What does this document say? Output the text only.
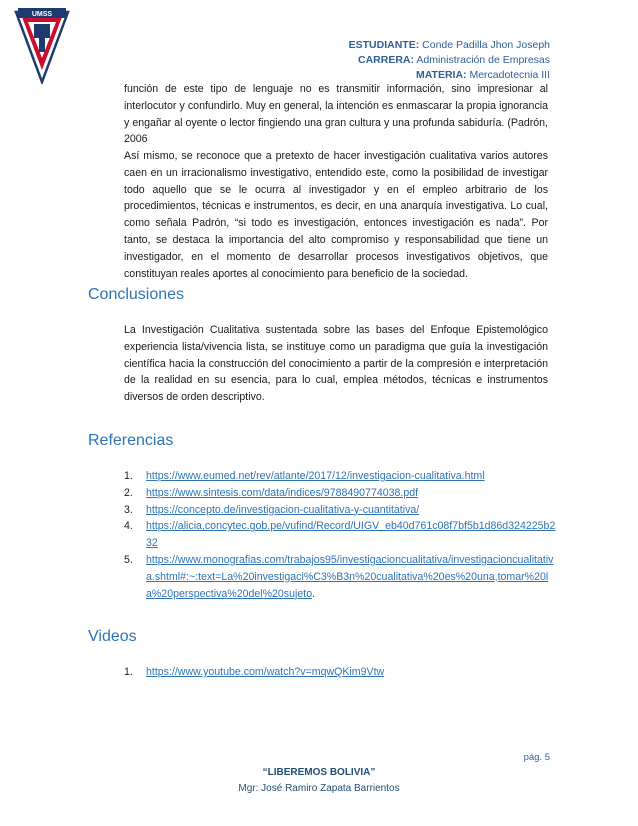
UMSS
ESTUDIANTE: Conde Padilla Jhon Joseph
CARRERA: Administración de Empresas
MATERIA: Mercadotecnia III
función de este tipo de lenguaje no es transmitir información, sino impresionar al interlocutor y confundirlo. Muy en general, la intención es enmascarar la propia ignorancia y engañar al oyente o lector fingiendo una gran cultura y una profunda sabiduría. (Padrón, 2006
Así mismo, se reconoce que a pretexto de hacer investigación cualitativa varios autores caen en un irracionalismo investigativo, entendido este, como la posibilidad de investigar todo aquello que se le ocurra al investigador y en el empleo arbitrario de los procedimientos, técnicas e instrumentos, es decir, en una anarquía investigativa. Lo cual, como señala Padrón, “si todo es investigación, entonces investigación es nada”. Por tanto, se destaca la importancia del alto compromiso y responsabilidad que tiene un investigador, en el momento de desarrollar procesos investigativos objetivos, que constituyan reales aportes al conocimiento para beneficio de la sociedad.
Conclusiones
La Investigación Cualitativa sustentada sobre las bases del Enfoque Epistemológico experiencia lista/vivencia lista, se instituye como un paradigma que guía la investigación científica hacia la construcción del conocimiento a partir de la compresión e interpretación de la realidad en su esencia, para lo cual, emplea métodos, técnicas e instrumentos diversos de orden descriptivo.
Referencias
1. https://www.eumed.net/rev/atlante/2017/12/investigacion-cualitativa.html
2. https://www.sintesis.com/data/indices/9788490774038.pdf
3. https://concepto.de/investigacion-cualitativa-y-cuantitativa/
4. https://alicia.concytec.gob.pe/vufind/Record/UIGV_eb40d761c08f7bf5b1d86d324225b232
5. https://www.monografias.com/trabajos95/investigacioncualitativa/investigacioncualitativa.shtml#:~:text=La%20investigaci%C3%B3n%20cualitativa%20es%20una,tomar%20la%20perspectiva%20del%20sujeto.
Videos
1. https://www.youtube.com/watch?v=mqwQKim9Vtw
pág. 5
“LIBEREMOS BOLIVIA”
Mgr: José Ramiro Zapata Barrientos
